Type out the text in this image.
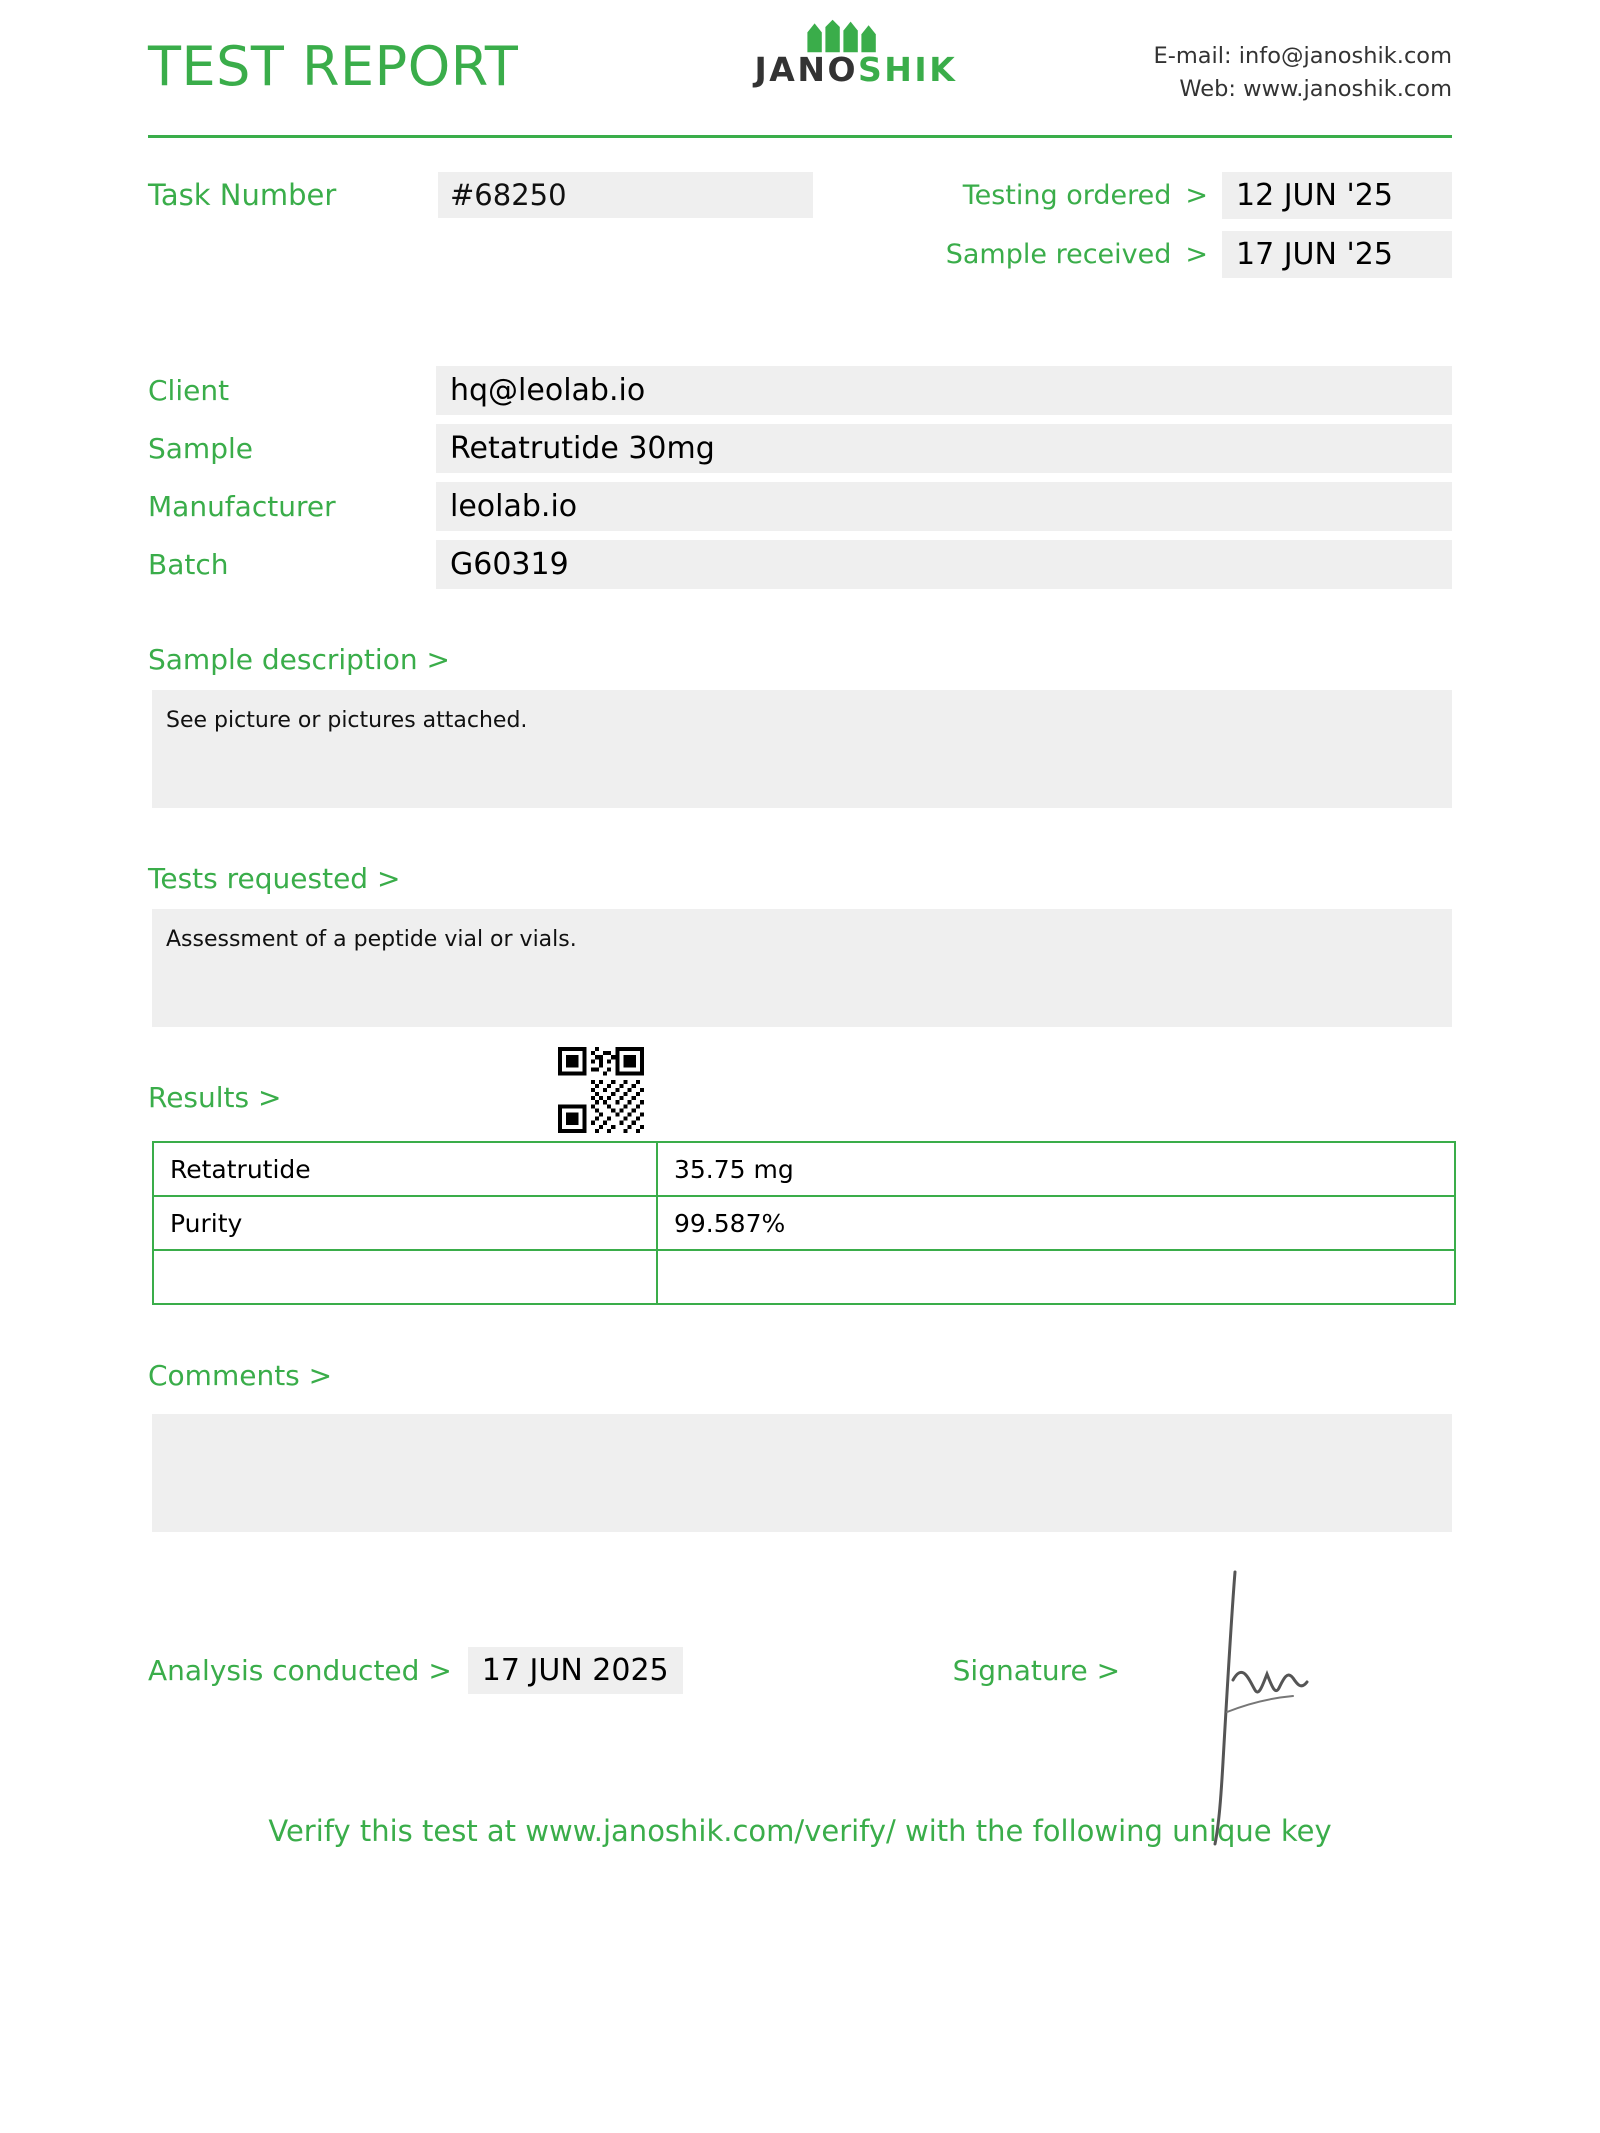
TEST REPORT	JANOSHIK	E-mail: info@janoshik.com
Web: www.janoshik.com
Task Number	#68250	Testing ordered > 12 JUN '25
Sample received > 17 JUN '25
Client	hq@leolab.io
Sample	Retatrutide 30mg
Manufacturer	leolab.io
Batch	G60319
Sample description >
See picture or pictures attached.
Tests requested >
Assessment of a peptide vial or vials.
Results >
Retatrutide	35.75 mg
Purity	99.587%

Comments >
Analysis conducted >	17 JUN 2025	Signature >
Verify this test at www.janoshik.com/verify/ with the following unique key
